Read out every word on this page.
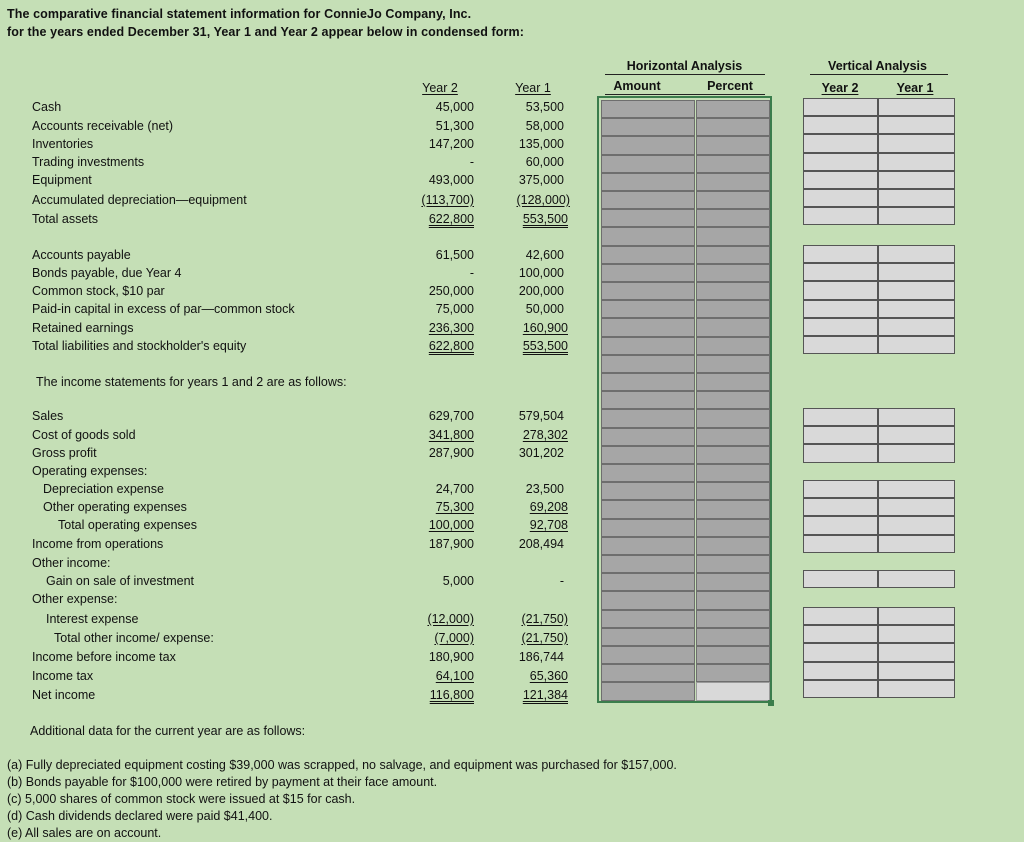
The comparative financial statement information for ConnieJo Company, Inc.
for the years ended December 31, Year 1 and Year 2 appear below in condensed form:
Year 2	Year 1
Horizontal Analysis
Amount	Percent
Vertical Analysis
Year 2	Year 1
Cash	45,000	53,500
Accounts receivable (net)	51,300	58,000
Inventories	147,200	135,000
Trading investments	-	60,000
Equipment	493,000	375,000
Accumulated depreciation—equipment	(113,700)	(128,000)
Total assets	622,800	553,500
Accounts payable	61,500	42,600
Bonds payable, due Year 4	-	100,000
Common stock, $10 par	250,000	200,000
Paid-in capital in excess of par—common stock	75,000	50,000
Retained earnings	236,300	160,900
Total liabilities and stockholder's equity	622,800	553,500
The income statements for years 1 and 2 are as follows:
Sales	629,700	579,504
Cost of goods sold	341,800	278,302
Gross profit	287,900	301,202
Operating expenses:
Depreciation expense	24,700	23,500
Other operating expenses	75,300	69,208
Total operating expenses	100,000	92,708
Income from operations	187,900	208,494
Other income:
Gain on sale of investment	5,000	-
Other expense:
Interest expense	(12,000)	(21,750)
Total other income/ expense:	(7,000)	(21,750)
Income before income tax	180,900	186,744
Income tax	64,100	65,360
Net income	116,800	121,384
Additional data for the current year are as follows:
(a) Fully depreciated equipment costing $39,000 was scrapped, no salvage, and equipment was purchased for $157,000.
(b) Bonds payable for $100,000 were retired by payment at their face amount.
(c) 5,000 shares of common stock were issued at $15 for cash.
(d) Cash dividends declared were paid $41,400.
(e) All sales are on account.
